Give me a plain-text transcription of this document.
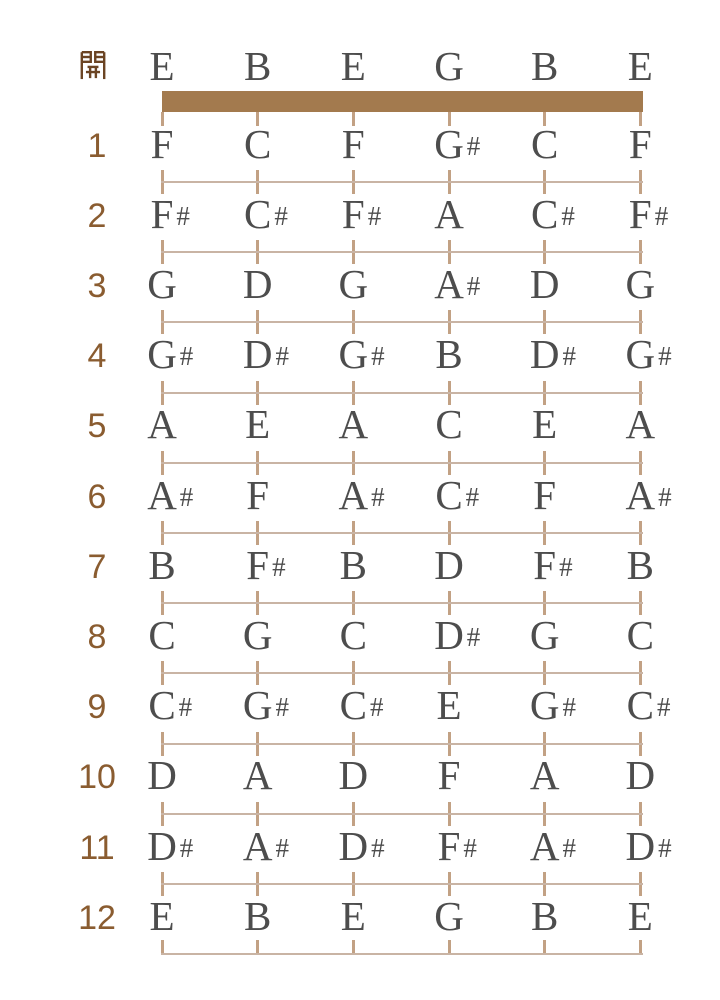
E	B	E	G	B	E
1	F	C	F	G #	C	F
2	F #	C #	F #	A	C #	F #
3 G	D	G	A #	D	G
4 G #	D #	G #	B	D #	G #
5 A	E	A	C	E	A
6 A #	F	A #	C #	F	A #
7	B	F #	B	D	F #	B
8	C	G	C	D #	G	C
9	C #	G #	C #	E	G #	C #
10 D	A	D	F	A	D
11 D #	A #	D #	F #	A #	D #
12 E	B	E	G	B	E
